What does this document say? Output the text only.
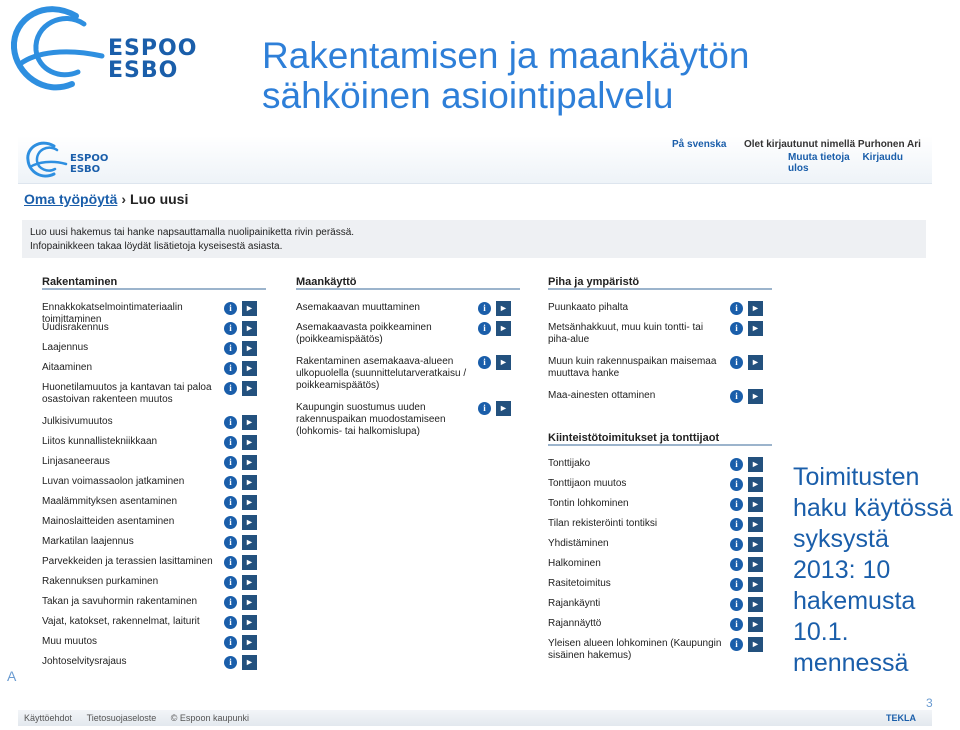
ESPOO
ESBO	Rakentamisen ja maankäytön
sähköinen asiointipalvelu
ESPOO
ESBO
På svenska Olet kirjautunut nimellä Purhonen Ari
Muuta tietoja Kirjaudu ulos
Oma työpöytä › Luo uusi
Luo uusi hakemus tai hanke napsauttamalla nuolipainiketta rivin perässä.
Infopainikkeen takaa löydät lisätietoja kyseisestä asiasta.
Rakentaminen
Ennakkokatselmointimateriaalin toimittaminen
i	►
Uudisrakennus	i	►
Laajennus	i	►
Aitaaminen	i	►
Huonetilamuutos ja kantavan tai paloa
osastoivan rakenteen muutos
i	►
Julkisivumuutos	i	►
Liitos kunnallistekniikkaan	i	►
Linjasaneeraus	i	►
Luvan voimassaolon jatkaminen	i	►
Maalämmityksen asentaminen	i	►
Mainoslaitteiden asentaminen	i	►
Markatilan laajennus	i	►
Parvekkeiden ja terassien lasittaminen	i	►
Rakennuksen purkaminen	i	►
Takan ja savuhormin rakentaminen	i	►
Vajat, katokset, rakennelmat, laiturit	i	►
Muu muutos	i	►
Johtoselvitysrajaus	i	►
Maankäyttö
Asemakaavan muuttaminen	i	►
Asemakaavasta poikkeaminen
(poikkeamispäätös)
i	►
Rakentaminen asemakaava-alueen
ulkopuolella (suunnittelutarveratkaisu /
poikkeamispäätös)
i	►
Kaupungin suostumus uuden
rakennuspaikan muodostamiseen
(lohkomis- tai halkomislupa)
i	►
Piha ja ympäristö
Puunkaato pihalta	i	►
Metsänhakkuut, muu kuin tontti- tai
piha-alue
i	►
Muun kuin rakennuspaikan maisemaa
muuttava hanke
i	►
Maa-ainesten ottaminen	i	►
Kiinteistötoimitukset ja tonttijaot
Tonttijako	i	►
Tonttijaon muutos	i	►
Tontin lohkominen	i	►
Tilan rekisteröinti tontiksi	i	►
Yhdistäminen	i	►
Halkominen	i	►
Rasitetoimitus	i	►
Rajankäynti	i	►
Rajannäyttö	i	►
Yleisen alueen lohkominen (Kaupungin
sisäinen hakemus)
i	►
Käyttöehdot Tietosuojaseloste © Espoon kaupunki	TEKLA
Toimitusten
haku käytössä
syksystä
2013: 10
hakemusta
10.1.
mennessä
3
A
